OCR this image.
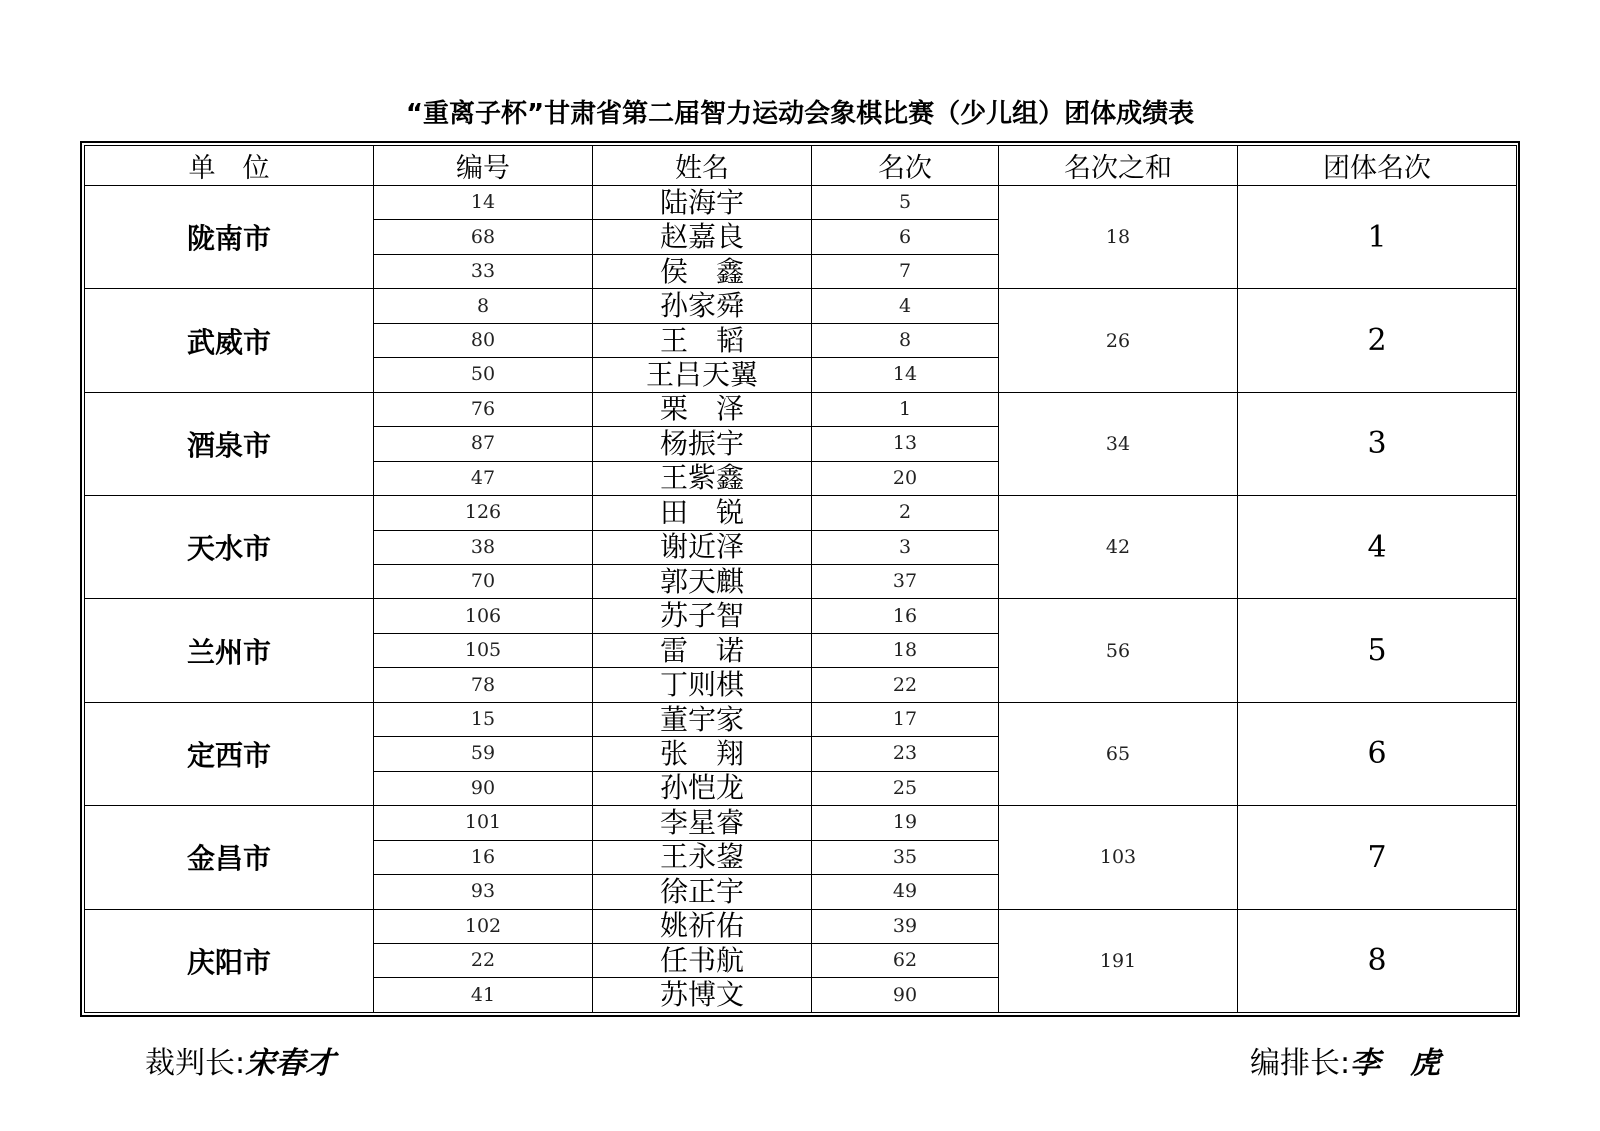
“重离子杯”甘肃省第二届智力运动会象棋比赛（少儿组）团体成绩表
单　位	编号	姓名	名次	名次之和	团体名次
陇南市	14	陆海宇	5	18	1
	68	赵嘉良	6		
	33	侯　鑫	7		
武威市	8	孙家舜	4	26	2
	80	王　韬	8		
	50	王吕天翼	14		
酒泉市	76	栗　泽	1	34	3
	87	杨振宇	13		
	47	王紫鑫	20		
天水市	126	田　锐	2	42	4
	38	谢近泽	3		
	70	郭天麒	37		
兰州市	106	苏子智	16	56	5
	105	雷　诺	18		
	78	丁则棋	22		
定西市	15	董宇家	17	65	6
	59	张　翔	23		
	90	孙恺龙	25		
金昌市	101	李星睿	19	103	7
	16	王永鋆	35		
	93	徐正宇	49		
庆阳市	102	姚祈佑	39	191	8
	22	任书航	62		
	41	苏博文	90		
裁判长:宋春才	编排长:李　虎
